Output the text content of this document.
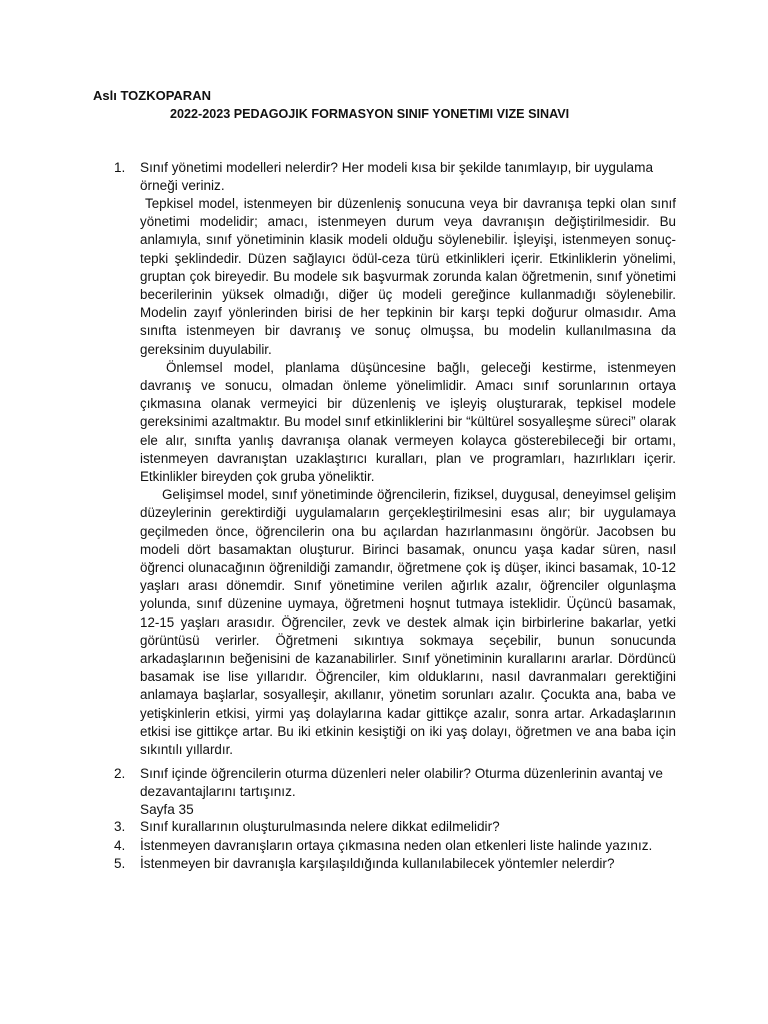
Aslı TOZKOPARAN
2022-2023 PEDAGOJIK FORMASYON SINIF YONETIMI VIZE SINAVI
1.	Sınıf yönetimi modelleri nelerdir? Her modeli kısa bir şekilde tanımlayıp, bir uygulama örneği veriniz.

Tepkisel model, istenmeyen bir düzenleniş sonucuna veya bir davranışa tepki olan sınıf yönetimi modelidir; amacı, istenmeyen durum veya davranışın değiştirilmesidir. Bu anlamıyla, sınıf yönetiminin klasik modeli olduğu söylenebilir. İşleyişi, istenmeyen sonuç-tepki şeklindedir. Düzen sağlayıcı ödül-ceza türü etkinlikleri içerir. Etkinliklerin yönelimi, gruptan çok bireyedir. Bu modele sık başvurmak zorunda kalan öğretmenin, sınıf yönetimi becerilerinin yüksek olmadığı, diğer üç modeli gereğince kullanmadığı söylenebilir. Modelin zayıf yönlerinden birisi de her tepkinin bir karşı tepki doğurur olmasıdır. Ama sınıfta istenmeyen bir davranış ve sonuç olmuşsa, bu modelin kullanılmasına da gereksinim duyulabilir.

Önlemsel model, planlama düşüncesine bağlı, geleceği kestirme, istenmeyen davranış ve sonucu, olmadan önleme yönelimlidir. Amacı sınıf sorunlarının ortaya çıkmasına olanak vermeyici bir düzenleniş ve işleyiş oluşturarak, tepkisel modele gereksinimi azaltmaktır. Bu model sınıf etkinliklerini bir “kültürel sosyalleşme süreci” olarak ele alır, sınıfta yanlış davranışa olanak vermeyen kolayca gösterebileceği bir ortamı, istenmeyen davranıştan uzaklaştırıcı kuralları, plan ve programları, hazırlıkları içerir. Etkinlikler bireyden çok gruba yöneliktir.

Gelişimsel model, sınıf yönetiminde öğrencilerin, fiziksel, duygusal, deneyimsel gelişim düzeylerinin gerektirdiği uygulamaların gerçekleştirilmesini esas alır; bir uygulamaya geçilmeden önce, öğrencilerin ona bu açılardan hazırlanmasını öngörür. Jacobsen bu modeli dört basamaktan oluşturur. Birinci basamak, onuncu yaşa kadar süren, nasıl öğrenci olunacağının öğrenildiği zamandır, öğretmene çok iş düşer, ikinci basamak, 10-12 yaşları arası dönemdir. Sınıf yönetimine verilen ağırlık azalır, öğrenciler olgunlaşma yolunda, sınıf düzenine uymaya, öğretmeni hoşnut tutmaya isteklidir. Üçüncü basamak, 12-15 yaşları arasıdır. Öğrenciler, zevk ve destek almak için birbirlerine bakarlar, yetki görüntüsü verirler. Öğretmeni sıkıntıya sokmaya seçebilir, bunun sonucunda arkadaşlarının beğenisini de kazanabilirler. Sınıf yönetiminin kurallarını ararlar. Dördüncü basamak ise lise yıllarıdır. Öğrenciler, kim olduklarını, nasıl davranmaları gerektiğini anlamaya başlarlar, sosyalleşir, akıllanır, yönetim sorunları azalır. Çocukta ana, baba ve yetişkinlerin etkisi, yirmi yaş dolaylarına kadar gittikçe azalır, sonra artar. Arkadaşlarının etkisi ise gittikçe artar. Bu iki etkinin kesiştiği on iki yaş dolayı, öğretmen ve ana baba için sıkıntılı yıllardır.

2.	Sınıf içinde öğrencilerin oturma düzenleri neler olabilir? Oturma düzenlerinin avantaj ve dezavantajlarını tartışınız.
Sayfa 35
3.	Sınıf kurallarının oluşturulmasında nelere dikkat edilmelidir?
4.	İstenmeyen davranışların ortaya çıkmasına neden olan etkenleri liste halinde yazınız.
5.	İstenmeyen bir davranışla karşılaşıldığında kullanılabilecek yöntemler nelerdir?
